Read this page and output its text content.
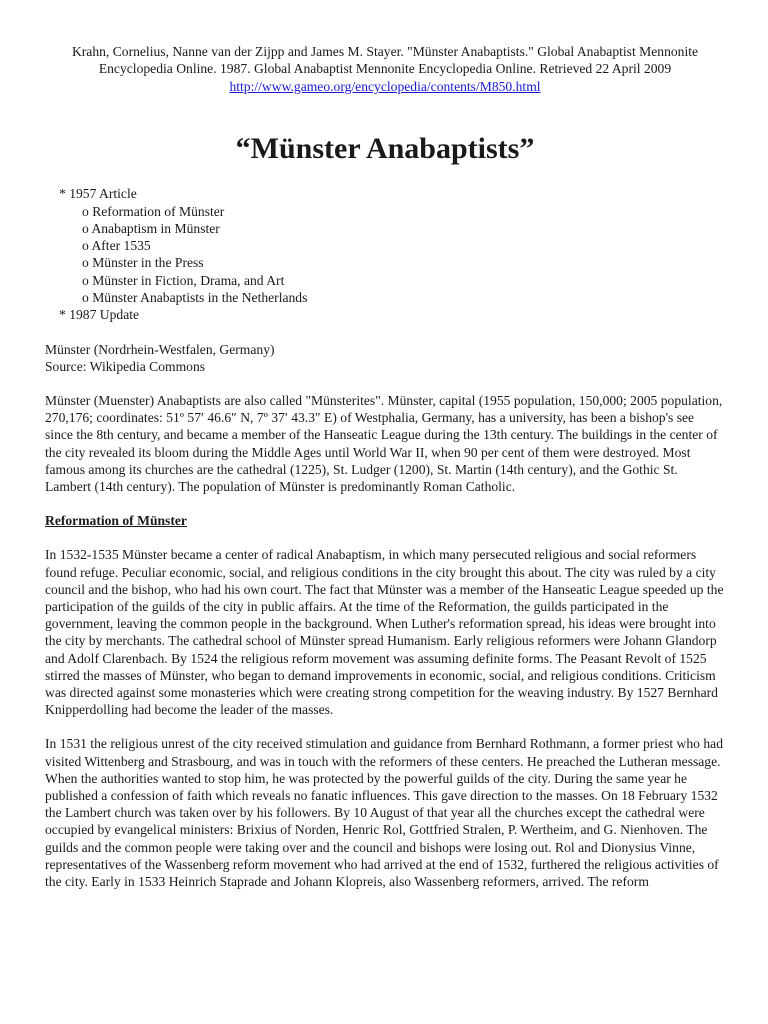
Krahn, Cornelius, Nanne van der Zijpp and James M. Stayer. "Münster Anabaptists." Global Anabaptist Mennonite Encyclopedia Online. 1987. Global Anabaptist Mennonite Encyclopedia Online. Retrieved 22 April 2009 http://www.gameo.org/encyclopedia/contents/M850.html

“Münster Anabaptists”
* 1957 Article
o Reformation of Münster
o Anabaptism in Münster
o After 1535
o Münster in the Press
o Münster in Fiction, Drama, and Art
o Münster Anabaptists in the Netherlands
* 1987 Update

Münster (Nordrhein-Westfalen, Germany)
Source: Wikipedia Commons

Münster (Muenster) Anabaptists are also called "Münsterites". Münster, capital (1955 population, 150,000; 2005 population, 270,176; coordinates: 51º 57′ 46.6″ N, 7º 37′ 43.3″ E) of Westphalia, Germany, has a university, has been a bishop's see since the 8th century, and became a member of the Hanseatic League during the 13th century. The buildings in the center of the city revealed its bloom during the Middle Ages until World War II, when 90 per cent of them were destroyed. Most famous among its churches are the cathedral (1225), St. Ludger (1200), St. Martin (14th century), and the Gothic St. Lambert (14th century). The population of Münster is predominantly Roman Catholic.

Reformation of Münster

In 1532-1535 Münster became a center of radical Anabaptism, in which many persecuted religious and social reformers found refuge. Peculiar economic, social, and religious conditions in the city brought this about. The city was ruled by a city council and the bishop, who had his own court. The fact that Münster was a member of the Hanseatic League speeded up the participation of the guilds of the city in public affairs. At the time of the Reformation, the guilds participated in the government, leaving the common people in the background. When Luther's reformation spread, his ideas were brought into the city by merchants. The cathedral school of Münster spread Humanism. Early religious reformers were Johann Glandorp and Adolf Clarenbach. By 1524 the religious reform movement was assuming definite forms. The Peasant Revolt of 1525 stirred the masses of Münster, who began to demand improvements in economic, social, and religious conditions. Criticism was directed against some monasteries which were creating strong competition for the weaving industry. By 1527 Bernhard Knipperdolling had become the leader of the masses.

In 1531 the religious unrest of the city received stimulation and guidance from Bernhard Rothmann, a former priest who had visited Wittenberg and Strasbourg, and was in touch with the reformers of these centers. He preached the Lutheran message. When the authorities wanted to stop him, he was protected by the powerful guilds of the city. During the same year he published a confession of faith which reveals no fanatic influences. This gave direction to the masses. On 18 February 1532 the Lambert church was taken over by his followers. By 10 August of that year all the churches except the cathedral were occupied by evangelical ministers: Brixius of Norden, Henric Rol, Gottfried Stralen, P. Wertheim, and G. Nienhoven. The guilds and the common people were taking over and the council and bishops were losing out. Rol and Dionysius Vinne, representatives of the Wassenberg reform movement who had arrived at the end of 1532, furthered the religious activities of the city. Early in 1533 Heinrich Staprade and Johann Klopreis, also Wassenberg reformers, arrived. The reform
